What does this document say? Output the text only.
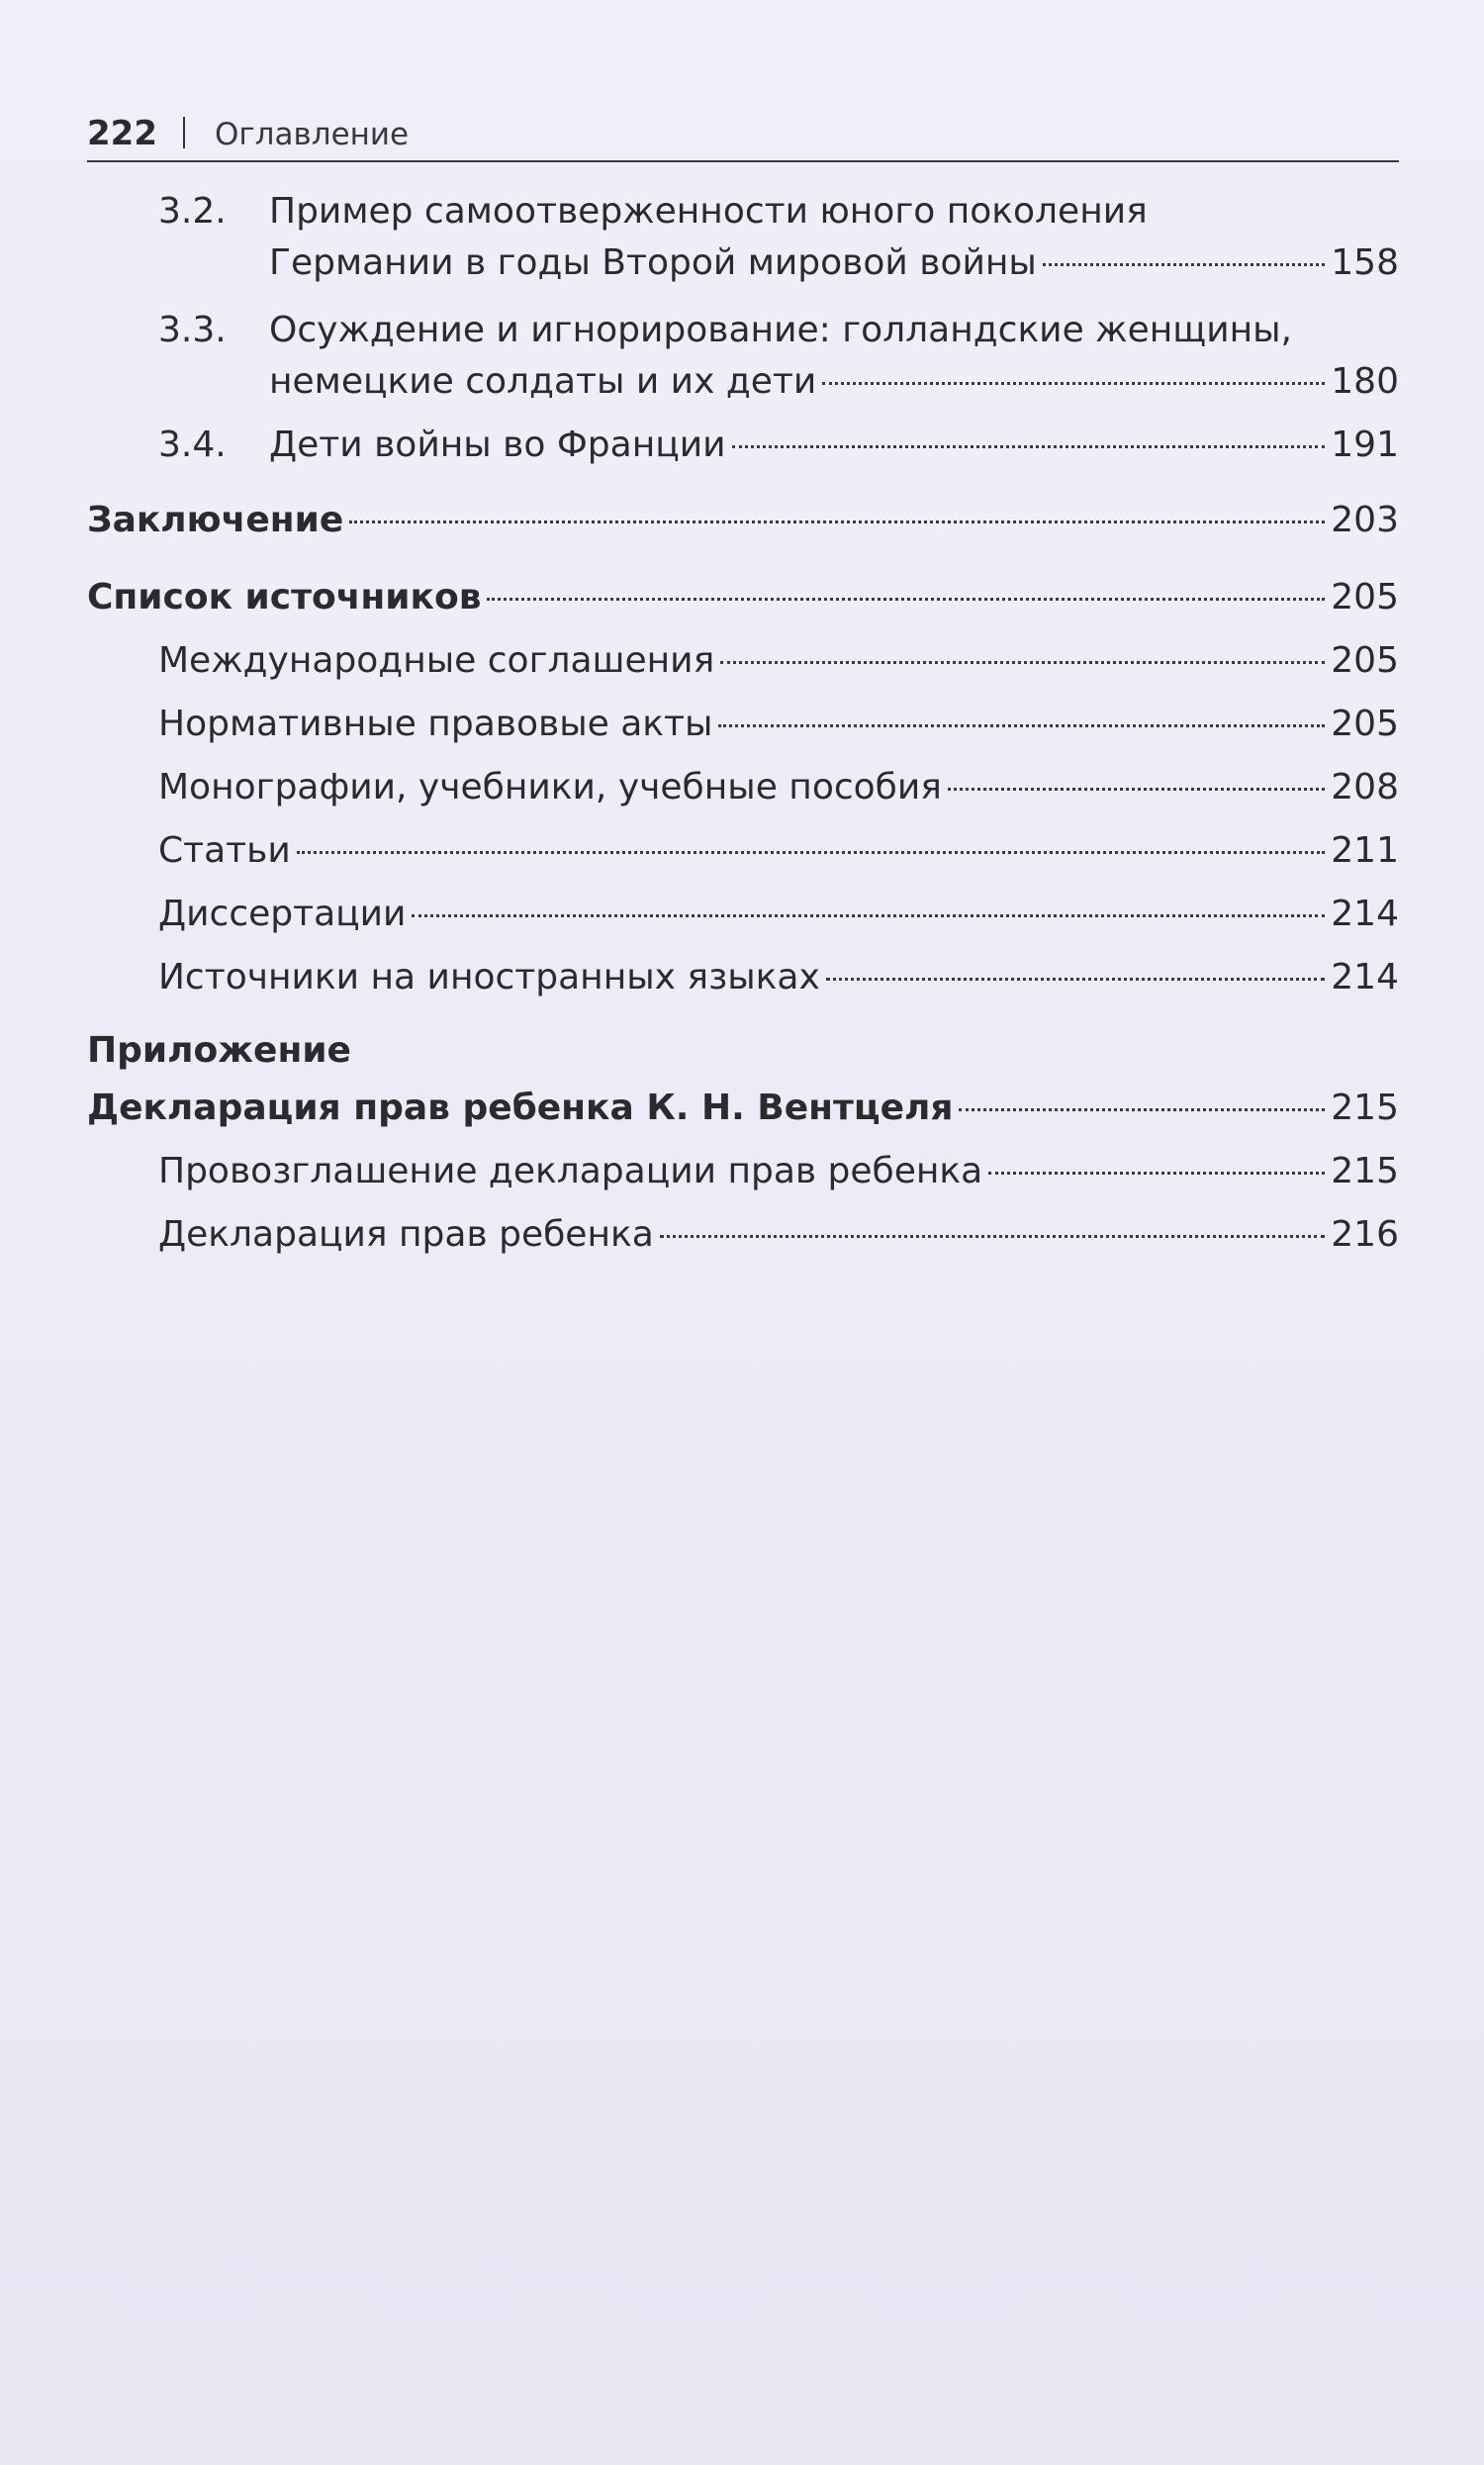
222 Оглавление
3.2. Пример самоотверженности юного поколения
Германии в годы Второй мировой войны	158
3.3. Осуждение и игнорирование: голландские женщины,
немецкие солдаты и их дети	180
3.4. Дети войны во Франции	191
Заключение	203
Список источников	205
Международные соглашения	205
Нормативные правовые акты	205
Монографии, учебники, учебные пособия	208
Статьи	211
Диссертации	214
Источники на иностранных языках	214
Приложение
Декларация прав ребенка К. Н. Вентцеля	215
Провозглашение декларации прав ребенка	215
Декларация прав ребенка	216
